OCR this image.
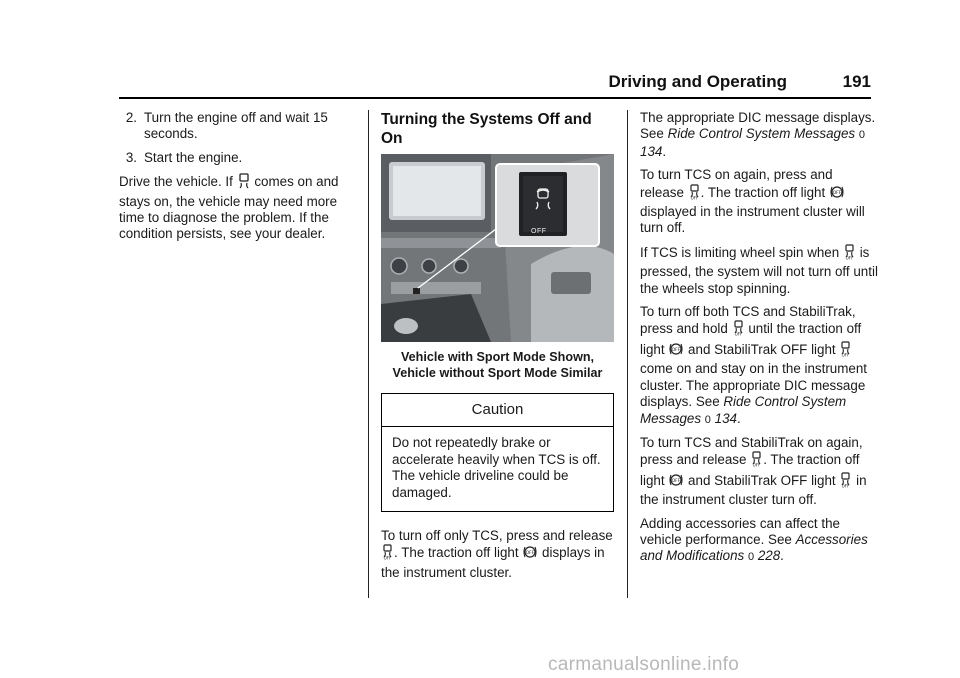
Driving and Operating	191
2. Turn the engine off and wait 15 seconds.
3. Start the engine.

Drive the vehicle. If comes on and stays on, the vehicle may need more time to diagnose the problem. If the condition persists, see your dealer.

Turning the Systems Off and On
OFF
Vehicle with Sport Mode Shown, Vehicle without Sport Mode Similar
Caution
Do not repeatedly brake or accelerate heavily when TCS is off. The vehicle driveline could be damaged.

To turn off only TCS, press and release
OFF . The traction off light OFF displays in the instrument cluster.

The appropriate DIC message displays. See Ride Control System Messages 0 134.

To turn TCS on again, press and release OFF . The traction off light OFF
displayed in the instrument cluster will turn off.

If TCS is limiting wheel spin when OFF is pressed, the system will not turn off until the wheels stop spinning.

To turn off both TCS and StabiliTrak, press and hold OFF until the traction off light OFF and StabiliTrak OFF light OFF
come on and stay on in the instrument cluster. The appropriate DIC message displays. See Ride Control System Messages 0 134.

To turn TCS and StabiliTrak on again, press and release OFF . The traction off light OFF and StabiliTrak OFF light OFF in the instrument cluster turn off.

Adding accessories can affect the vehicle performance. See Accessories and Modifications 0 228.

carmanualsonline.info
